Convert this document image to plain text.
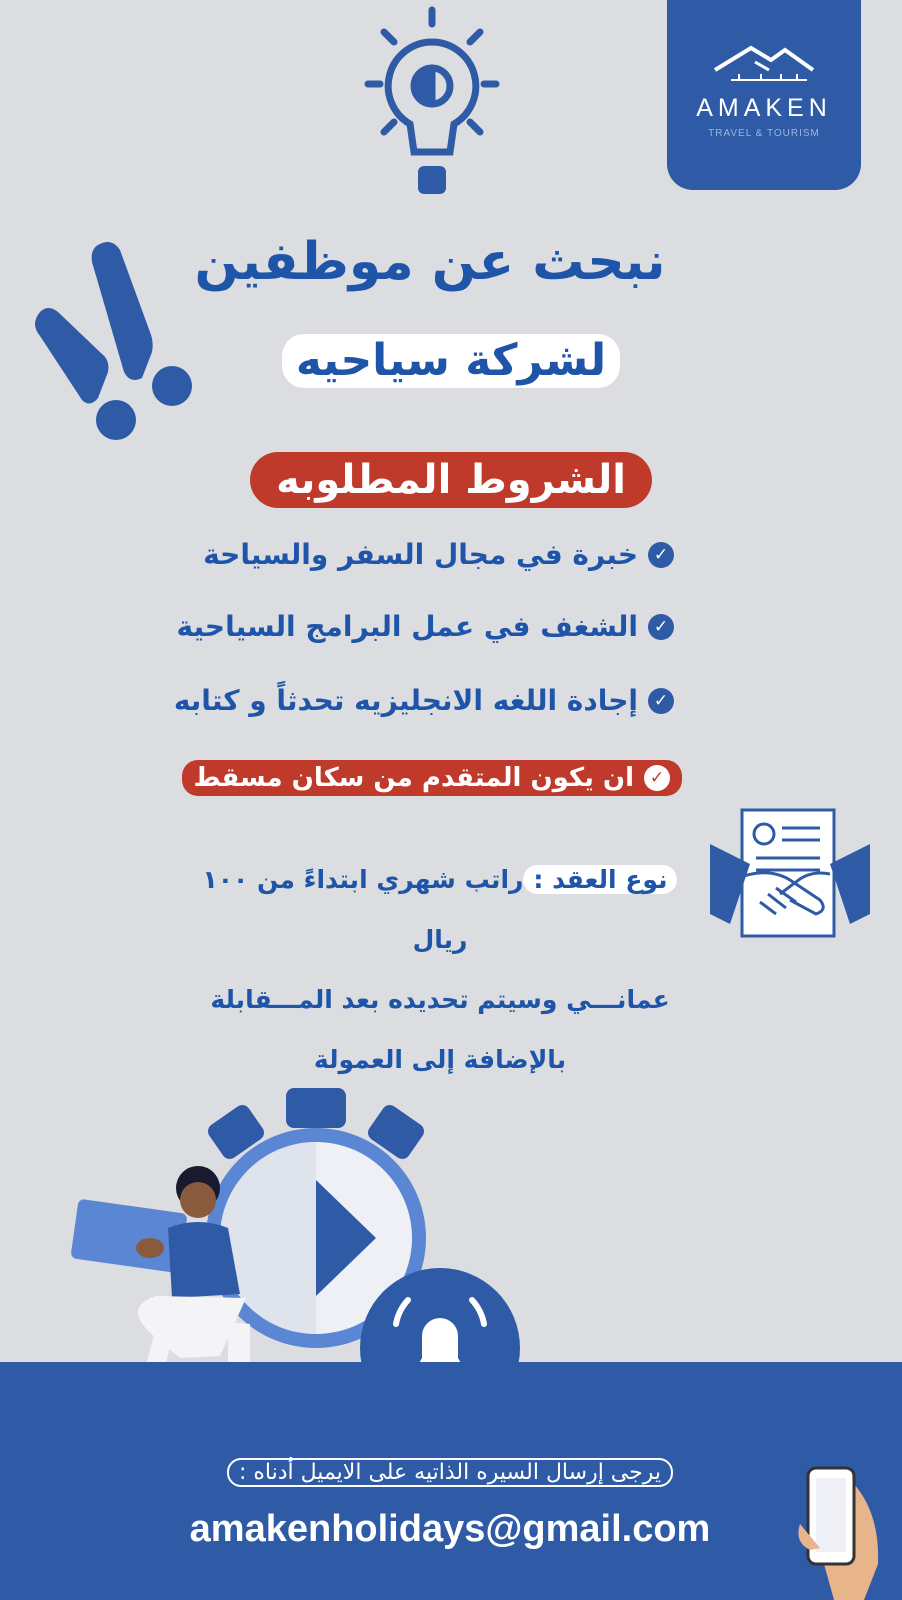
AMAKEN
TRAVEL & TOURISM
نبحث عن موظفين
لشركة سياحيه
الشروط المطلوبه
✓
خبرة في مجال السفر والسياحة
✓
الشغف في عمل البرامج السياحية
✓
إجادة اللغه الانجليزيه تحدثاً و كتابه
✓
ان يكون المتقدم من سكان مسقط
نوع العقد :راتب شهري ابتداءً من ١٠٠ ريال
عمانـــي وسيتم تحديده بعد المـــقابلة
بالإضافة إلى العمولة
يرجى إرسال السيره الذاتيه على الايميل أدناه :
amakenholidays@gmail.com
